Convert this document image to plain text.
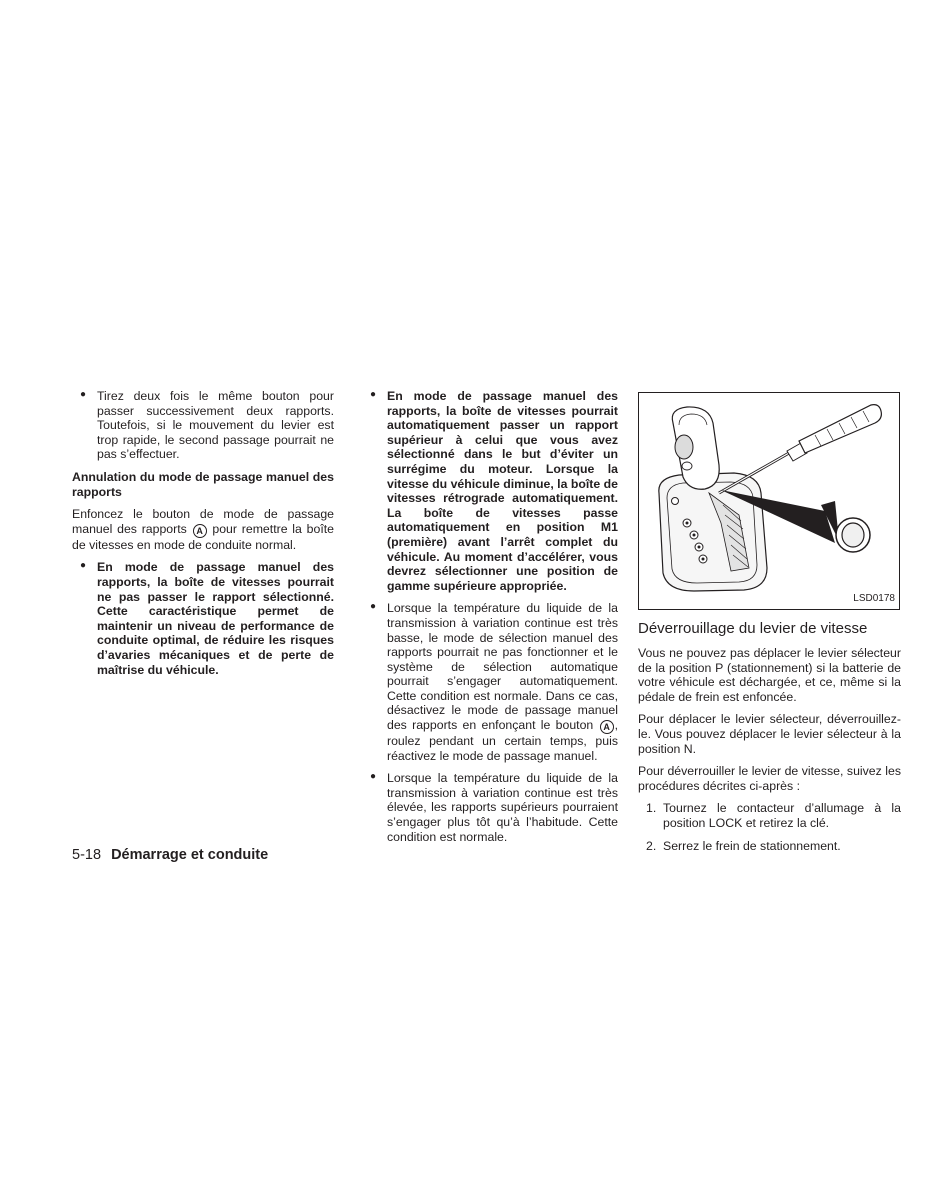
● Tirez deux fois le même bouton pour passer successivement deux rapports. Toutefois, si le mouvement du levier est trop rapide, le second passage pourrait ne pas s’effectuer.
Annulation du mode de passage manuel des rapports

Enfoncez le bouton de mode de passage manuel des rapports A pour remettre la boîte de vitesses en mode de conduite normal.

● En mode de passage manuel des rapports, la boîte de vitesses pourrait ne pas passer le rapport sélectionné. Cette caractéristique permet de maintenir un niveau de performance de conduite optimal, de réduire les risques d’avaries mécaniques et de perte de maîtrise du véhicule.
● En mode de passage manuel des rapports, la boîte de vitesses pourrait automatiquement passer un rapport supérieur à celui que vous avez sélectionné dans le but d’éviter un surrégime du moteur. Lorsque la vitesse du véhicule diminue, la boîte de vitesses rétrograde automatiquement. La boîte de vitesses passe automatiquement en position M1 (première) avant l’arrêt complet du véhicule. Au moment d’accélérer, vous devrez sélectionner une position de gamme supérieure appropriée.
● Lorsque la température du liquide de la transmission à variation continue est très basse, le mode de sélection manuel des rapports pourrait ne pas fonctionner et le système de sélection automatique pourrait s’engager automatiquement. Cette condition est normale. Dans ce cas, désactivez le mode de passage manuel des rapports en enfonçant le bouton A , roulez pendant un certain temps, puis réactivez le mode de passage manuel.
● Lorsque la température du liquide de la transmission à variation continue est très élevée, les rapports supérieurs pourraient s’engager plus tôt qu’à l’habitude. Cette condition est normale.
LSD0178
Déverrouillage du levier de vitesse

Vous ne pouvez pas déplacer le levier sélecteur de la position P (stationnement) si la batterie de votre véhicule est déchargée, et ce, même si la pédale de frein est enfoncée.

Pour déplacer le levier sélecteur, déverrouillez-le. Vous pouvez déplacer le levier sélecteur à la position N.

Pour déverrouiller le levier de vitesse, suivez les procédures décrites ci-après :

1. Tournez le contacteur d’allumage à la position LOCK et retirez la clé.
2. Serrez le frein de stationnement.
5-18 Démarrage et conduite
